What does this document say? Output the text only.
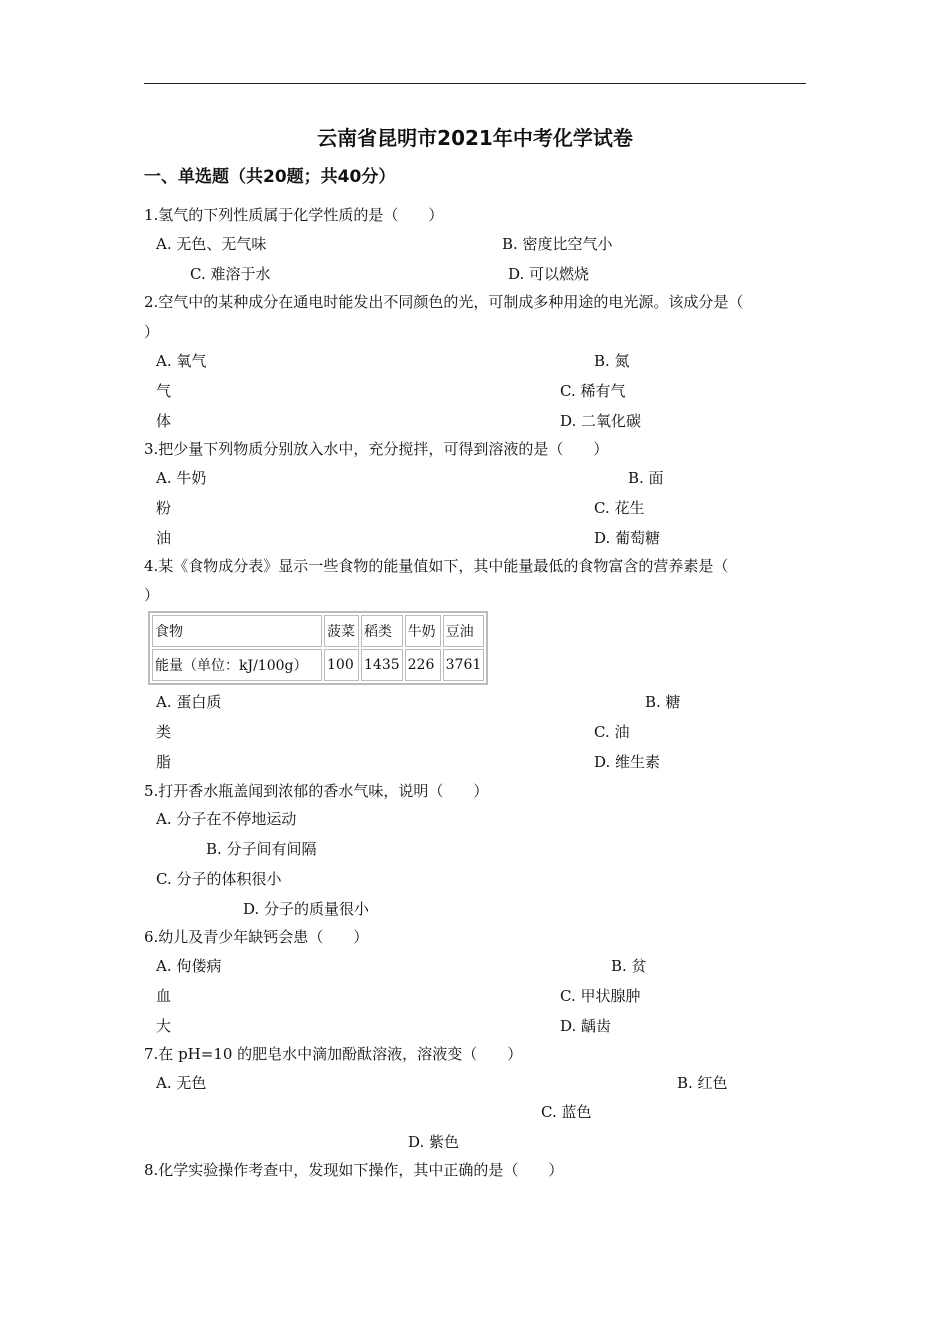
云南省昆明市2021年中考化学试卷
一、单选题（共20题；共40分）
1.氢气的下列性质属于化学性质的是（　　）
A. 无色、无气味	B. 密度比空气小
C. 难溶于水	D. 可以燃烧
2.空气中的某种成分在通电时能发出不同颜色的光，可制成多种用途的电光源。该成分是（
）
A. 氧气	B. 氮
气	C. 稀有气
体	D. 二氧化碳
3.把少量下列物质分别放入水中，充分搅拌，可得到溶液的是（　　）
A. 牛奶	B. 面
粉	C. 花生
油	D. 葡萄糖
4.某《食物成分表》显示一些食物的能量值如下，其中能量最低的食物富含的营养素是（
）
食物	菠菜	稻类	牛奶	豆油
能量（单位：kJ/100g）	100	1435	226	3761
A. 蛋白质	B. 糖
类	C. 油
脂	D. 维生素
5.打开香水瓶盖闻到浓郁的香水气味，说明（　　）
A. 分子在不停地运动
B. 分子间有间隔
C. 分子的体积很小
D. 分子的质量很小
6.幼儿及青少年缺钙会患（　　）
A. 佝偻病	B. 贫
血	C. 甲状腺肿
大	D. 龋齿
7.在 pH=10 的肥皂水中滴加酚酞溶液，溶液变（　　）
A. 无色	B. 红色
C. 蓝色
D. 紫色
8.化学实验操作考查中，发现如下操作，其中正确的是（　　）
